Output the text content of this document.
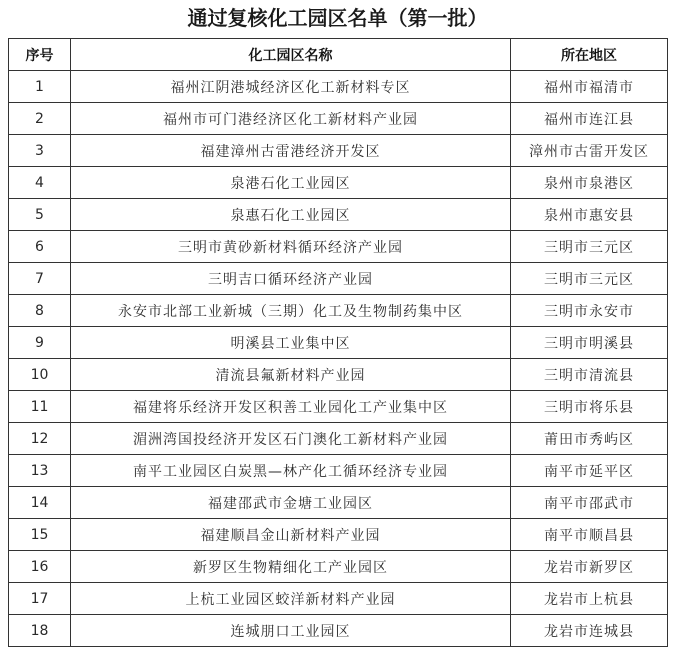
通过复核化工园区名单（第一批）
序号	化工园区名称	所在地区
1	福州江阴港城经济区化工新材料专区	福州市福清市
2	福州市可门港经济区化工新材料产业园	福州市连江县
3	福建漳州古雷港经济开发区	漳州市古雷开发区
4	泉港石化工业园区	泉州市泉港区
5	泉惠石化工业园区	泉州市惠安县
6	三明市黄砂新材料循环经济产业园	三明市三元区
7	三明吉口循环经济产业园	三明市三元区
8	永安市北部工业新城（三期）化工及生物制药集中区	三明市永安市
9	明溪县工业集中区	三明市明溪县
10	清流县氟新材料产业园	三明市清流县
11	福建将乐经济开发区积善工业园化工产业集中区	三明市将乐县
12	湄洲湾国投经济开发区石门澳化工新材料产业园	莆田市秀屿区
13	南平工业园区白炭黑—林产化工循环经济专业园	南平市延平区
14	福建邵武市金塘工业园区	南平市邵武市
15	福建顺昌金山新材料产业园	南平市顺昌县
16	新罗区生物精细化工产业园区	龙岩市新罗区
17	上杭工业园区蛟洋新材料产业园	龙岩市上杭县
18	连城朋口工业园区	龙岩市连城县
